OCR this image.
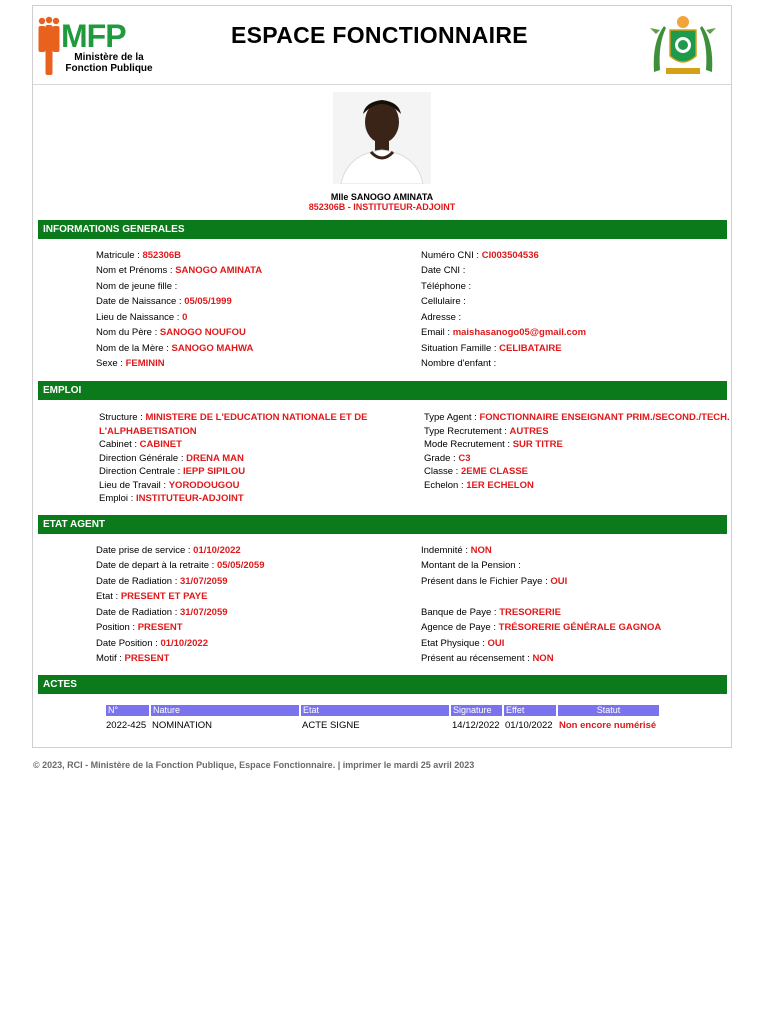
MFP
Ministère de la Fonction Publique
ESPACE FONCTIONNAIRE
Mlle SANOGO AMINATA
852306B - INSTITUTEUR-ADJOINT
INFORMATIONS GENERALES
Matricule : 852306B
Nom et Prénoms : SANOGO AMINATA
Nom de jeune fille :
Date de Naissance : 05/05/1999
Lieu de Naissance : 0
Nom du Père : SANOGO NOUFOU
Nom de la Mère : SANOGO MAHWA
Sexe : FEMININ
Numéro CNI : CI003504536
Date CNI :
Téléphone :
Cellulaire :
Adresse :
Email : maishasanogo05@gmail.com
Situation Famille : CELIBATAIRE
Nombre d'enfant :
EMPLOI
Structure : MINISTERE DE L'EDUCATION NATIONALE ET DE L'ALPHABETISATION
Cabinet : CABINET
Direction Générale : DRENA MAN
Direction Centrale : IEPP SIPILOU
Lieu de Travail : YORODOUGOU
Emploi : INSTITUTEUR-ADJOINT
Type Agent : FONCTIONNAIRE ENSEIGNANT PRIM./SECOND./TECH.
Type Recrutement : AUTRES
Mode Recrutement : SUR TITRE
Grade : C3
Classe : 2EME CLASSE
Echelon : 1ER ECHELON
ETAT AGENT
Date prise de service : 01/10/2022
Date de depart à la retraite : 05/05/2059
Date de Radiation : 31/07/2059
Etat : PRESENT ET PAYE
Date de Radiation : 31/07/2059
Position : PRESENT
Date Position : 01/10/2022
Motif : PRESENT
Indemnité : NON
Montant de la Pension :
Présent dans le Fichier Paye : OUI
Banque de Paye : TRESORERIE
Agence de Paye : TRÉSORERIE GÉNÉRALE GAGNOA
Etat Physique : OUI
Présent au récensement : NON
ACTES
N°	Nature	Etat	Signature	Effet	Statut
2022-425 NOMINATION	ACTE SIGNE	14/12/2022 01/10/2022 Non encore numérisé
© 2023, RCI - Ministère de la Fonction Publique, Espace Fonctionnaire. | imprimer le mardi 25 avril 2023
